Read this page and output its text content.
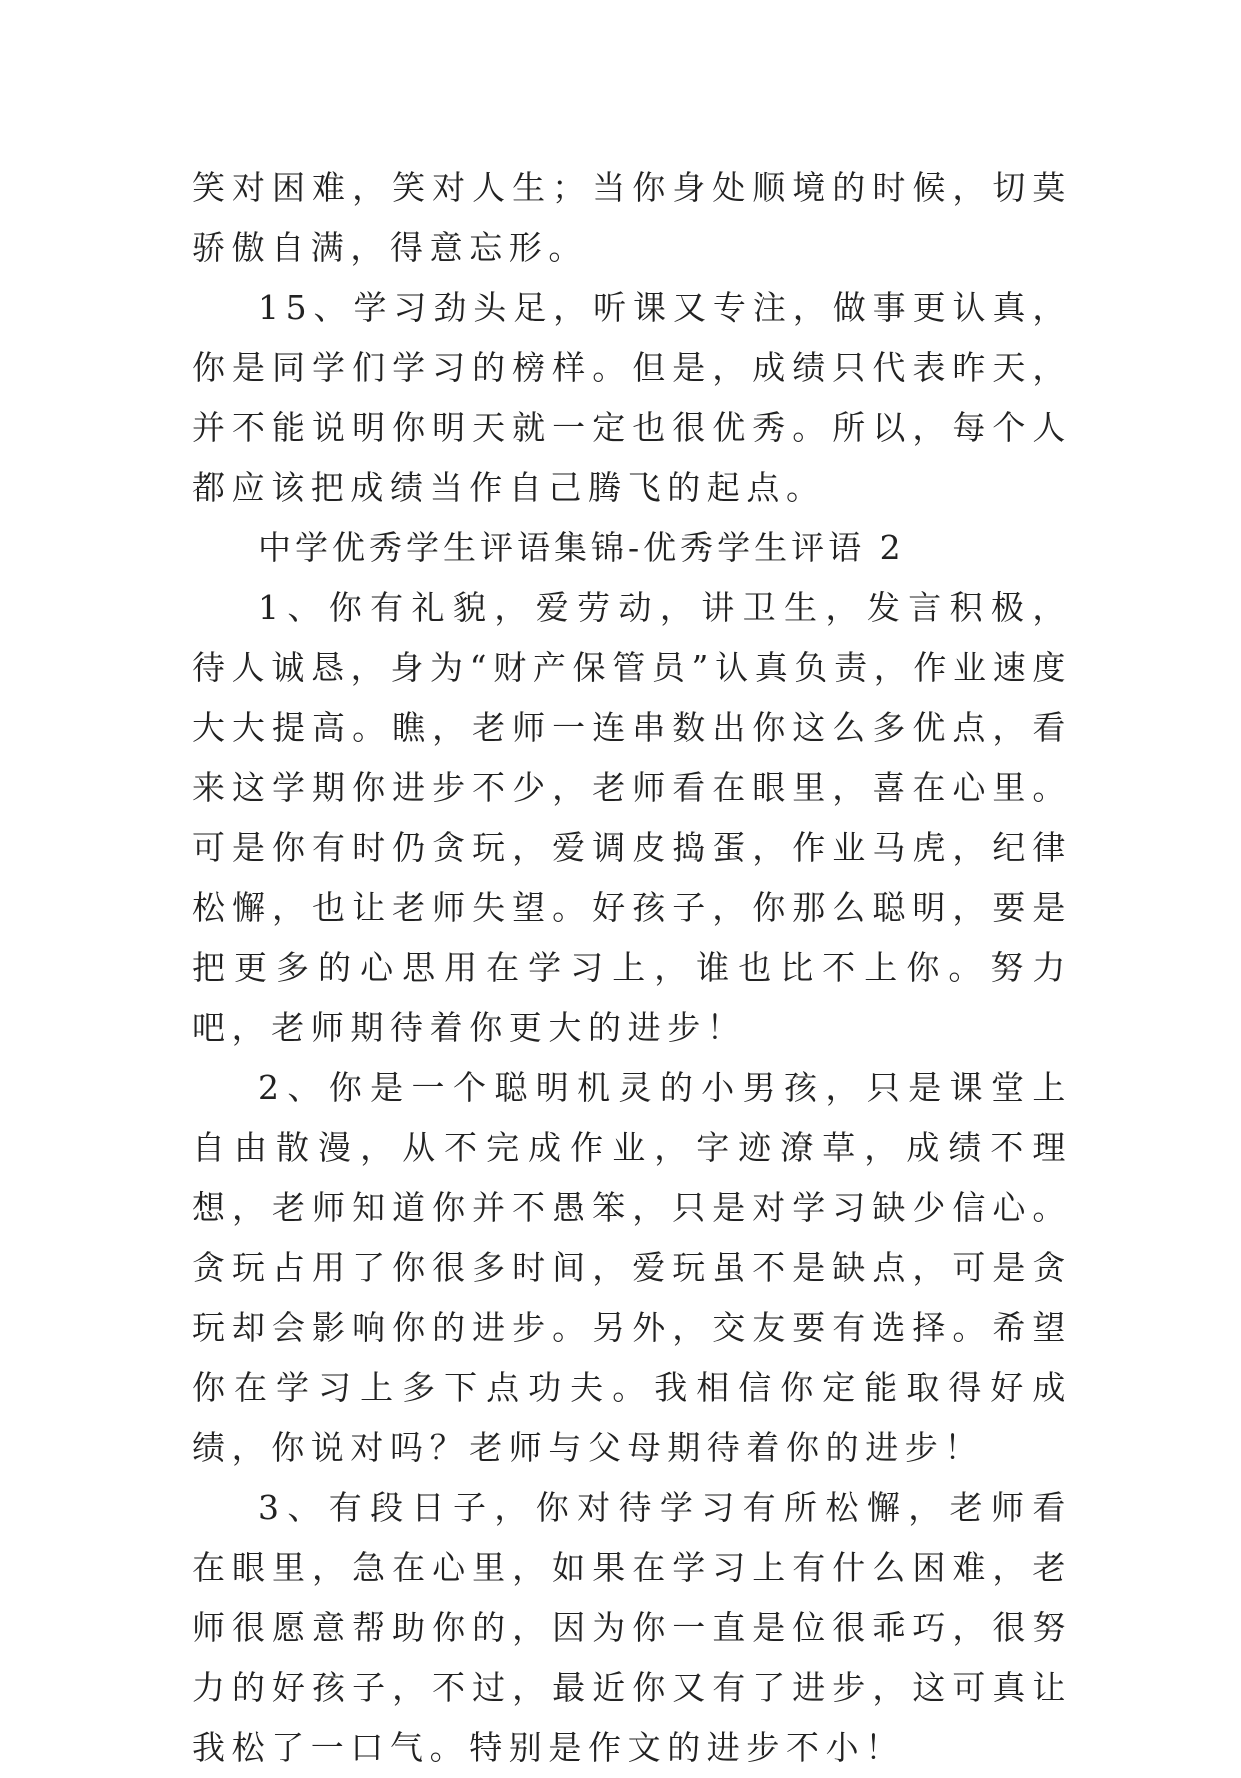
笑对困难，笑对人生；当你身处顺境的时候，切莫骄傲自满，得意忘形。

15、学习劲头足，听课又专注，做事更认真，你是同学们学习的榜样。但是，成绩只代表昨天，并不能说明你明天就一定也很优秀。所以，每个人都应该把成绩当作自己腾飞的起点。

中学优秀学生评语集锦-优秀学生评语 2

1、你有礼貌，爱劳动，讲卫生，发言积极，待人诚恳，身为“财产保管员”认真负责，作业速度大大提高。瞧，老师一连串数出你这么多优点，看来这学期你进步不少，老师看在眼里，喜在心里。可是你有时仍贪玩，爱调皮捣蛋，作业马虎，纪律松懈，也让老师失望。好孩子，你那么聪明，要是把更多的心思用在学习上，谁也比不上你。努力吧，老师期待着你更大的进步！

2、你是一个聪明机灵的小男孩，只是课堂上自由散漫，从不完成作业，字迹潦草，成绩不理想，老师知道你并不愚笨，只是对学习缺少信心。贪玩占用了你很多时间，爱玩虽不是缺点，可是贪玩却会影响你的进步。另外，交友要有选择。希望你在学习上多下点功夫。我相信你定能取得好成绩，你说对吗？老师与父母期待着你的进步！

3、有段日子，你对待学习有所松懈，老师看在眼里，急在心里，如果在学习上有什么困难，老师很愿意帮助你的，因为你一直是位很乖巧，很努力的好孩子，不过，最近你又有了进步，这可真让我松了一口气。特别是作文的进步不小！
